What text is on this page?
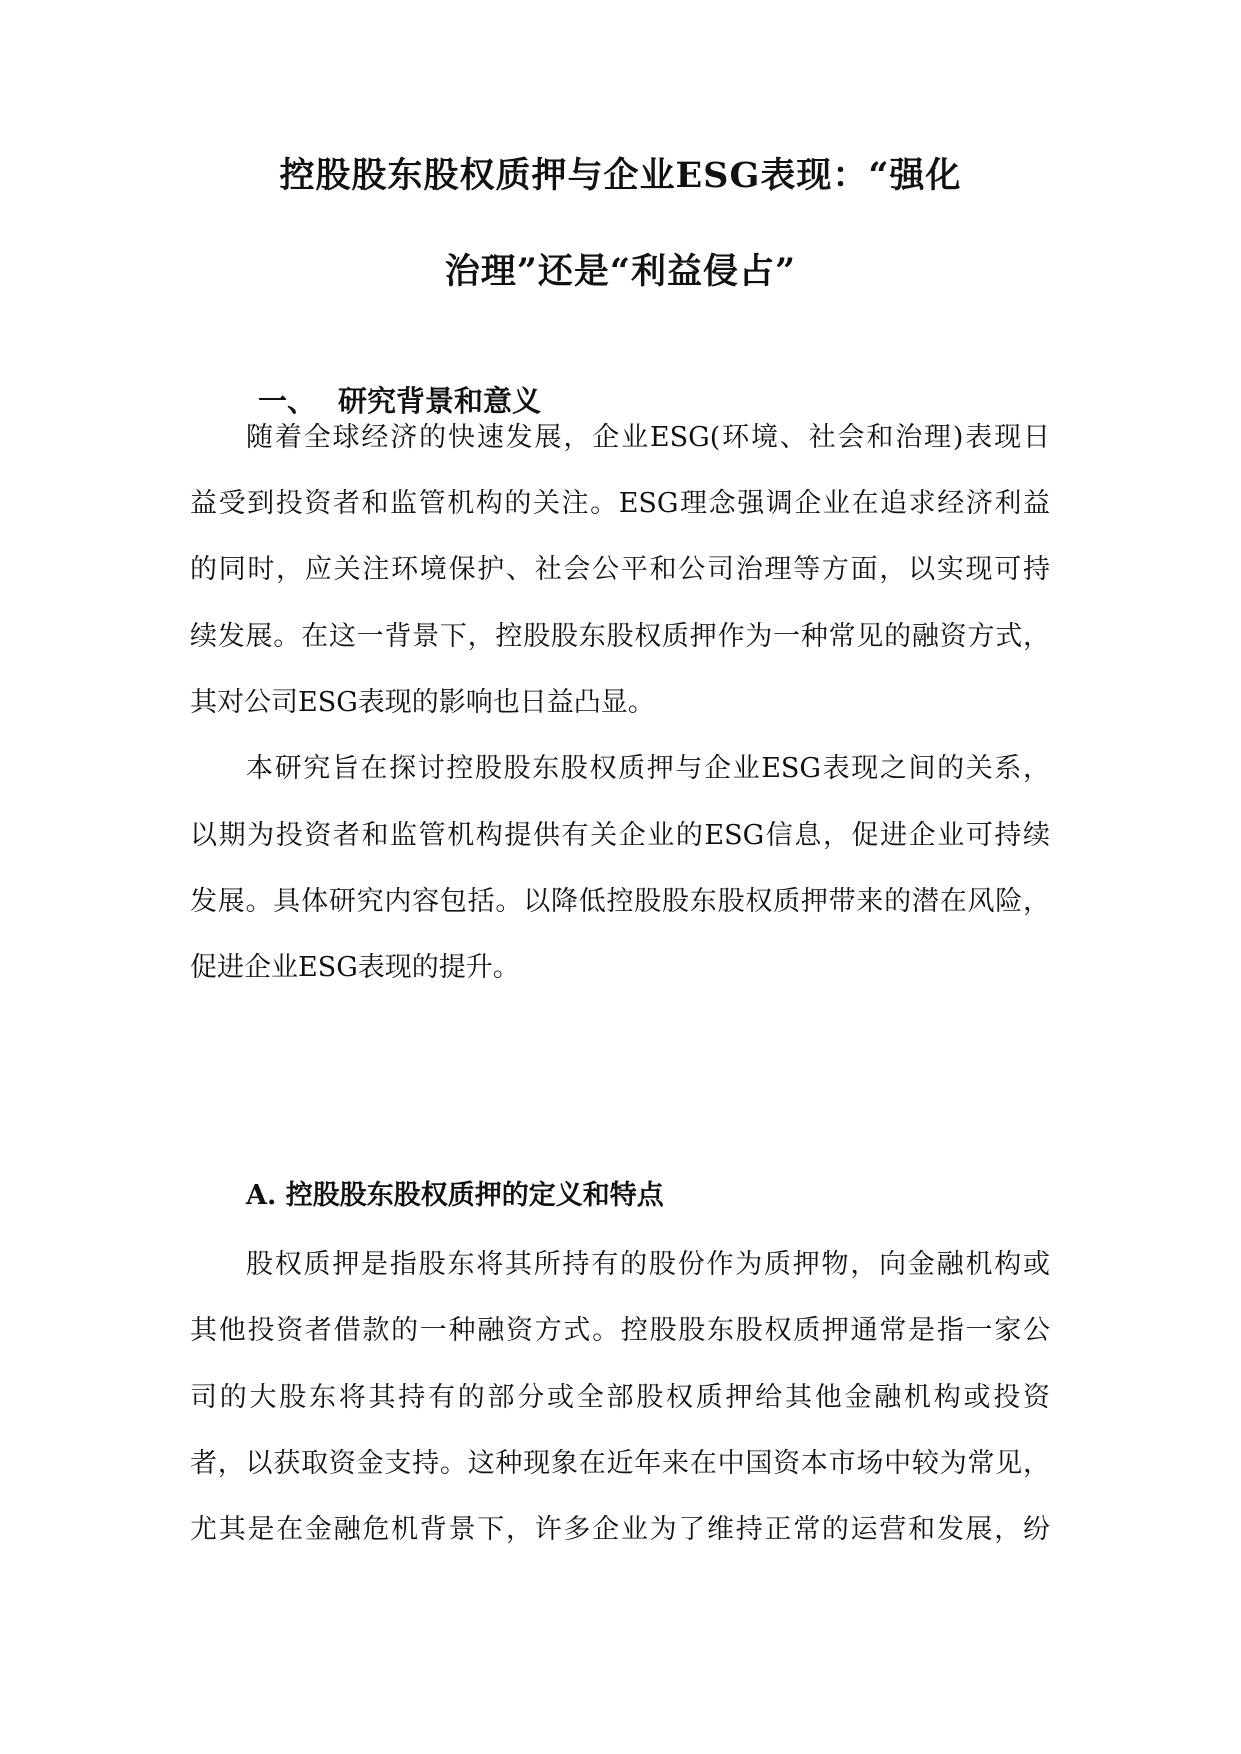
控股股东股权质押与企业ESG表现：“强化
治理”还是“利益侵占”
一、 研究背景和意义
随着全球经济的快速发展，企业ESG(环境、社会和治理)表现日
益受到投资者和监管机构的关注。ESG理念强调企业在追求经济利益
的同时，应关注环境保护、社会公平和公司治理等方面，以实现可持
续发展。在这一背景下，控股股东股权质押作为一种常见的融资方式，
其对公司ESG表现的影响也日益凸显。
本研究旨在探讨控股股东股权质押与企业ESG表现之间的关系，
以期为投资者和监管机构提供有关企业的ESG信息，促进企业可持续
发展。具体研究内容包括。以降低控股股东股权质押带来的潜在风险，
促进企业ESG表现的提升。
A. 控股股东股权质押的定义和特点
股权质押是指股东将其所持有的股份作为质押物，向金融机构或
其他投资者借款的一种融资方式。控股股东股权质押通常是指一家公
司的大股东将其持有的部分或全部股权质押给其他金融机构或投资
者，以获取资金支持。这种现象在近年来在中国资本市场中较为常见，
尤其是在金融危机背景下，许多企业为了维持正常的运营和发展，纷
